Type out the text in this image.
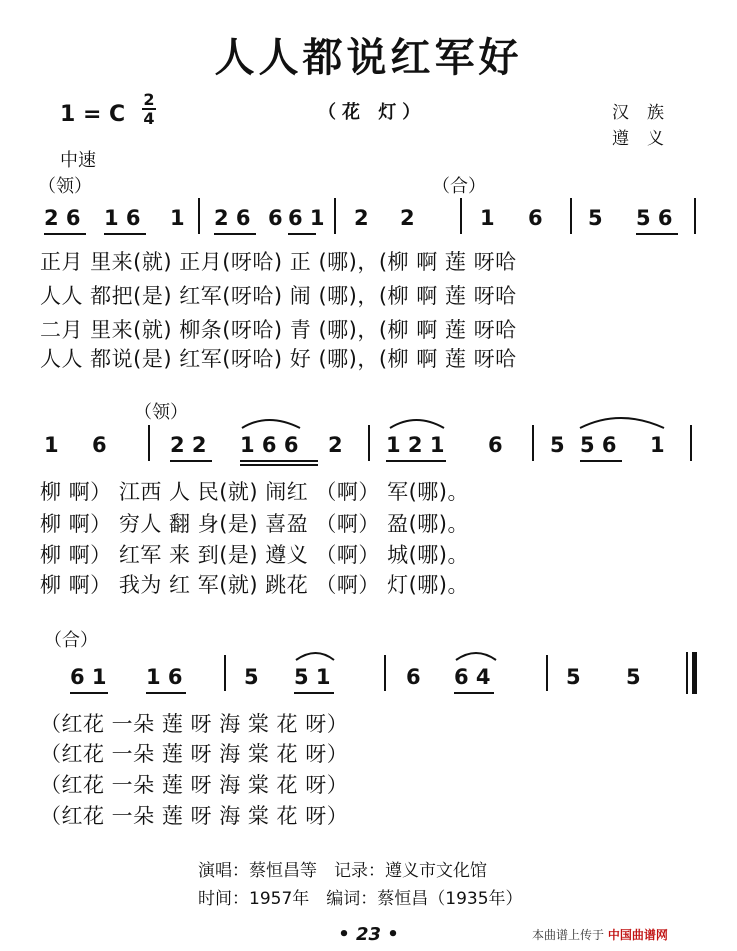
人人都说红军好
1 = C
2
4	（花 灯）	汉族
遵义
中速
（领）	（合）
2 6 1 6 1 2 6 6 6 1 2 2	1 6 5 5 6
正月 里来(就) 正月(呀哈) 正 (哪)，(柳 啊 莲 呀哈
人人 都把(是) 红军(呀哈) 闹 (哪)，(柳 啊 莲 呀哈
二月 里来(就) 柳条(呀哈) 青 (哪)，(柳 啊 莲 呀哈
人人 都说(是) 红军(呀哈) 好 (哪)，(柳 啊 莲 呀哈
（领）
1 6	2 2 1 6 6 2 1 2 1 6 5 5 6 1
柳 啊） 江西 人 民(就) 闹红 （啊） 军(哪)。
柳 啊） 穷人 翻 身(是) 喜盈 （啊） 盈(哪)。
柳 啊） 红军 来 到(是) 遵义 （啊） 城(哪)。
柳 啊） 我为 红 军(就) 跳花 （啊） 灯(哪)。
（合）
6 1 1 6	5 5 1	6 6 4	5 5
（红花 一朵 莲 呀 海 棠 花 呀）
（红花 一朵 莲 呀 海 棠 花 呀）
（红花 一朵 莲 呀 海 棠 花 呀）
（红花 一朵 莲 呀 海 棠 花 呀）
演唱：蔡恒昌等　记录：遵义市文化馆
时间：1957年　编词：蔡恒昌（1935年）
• 23 •	本曲谱上传于 中国曲谱网
